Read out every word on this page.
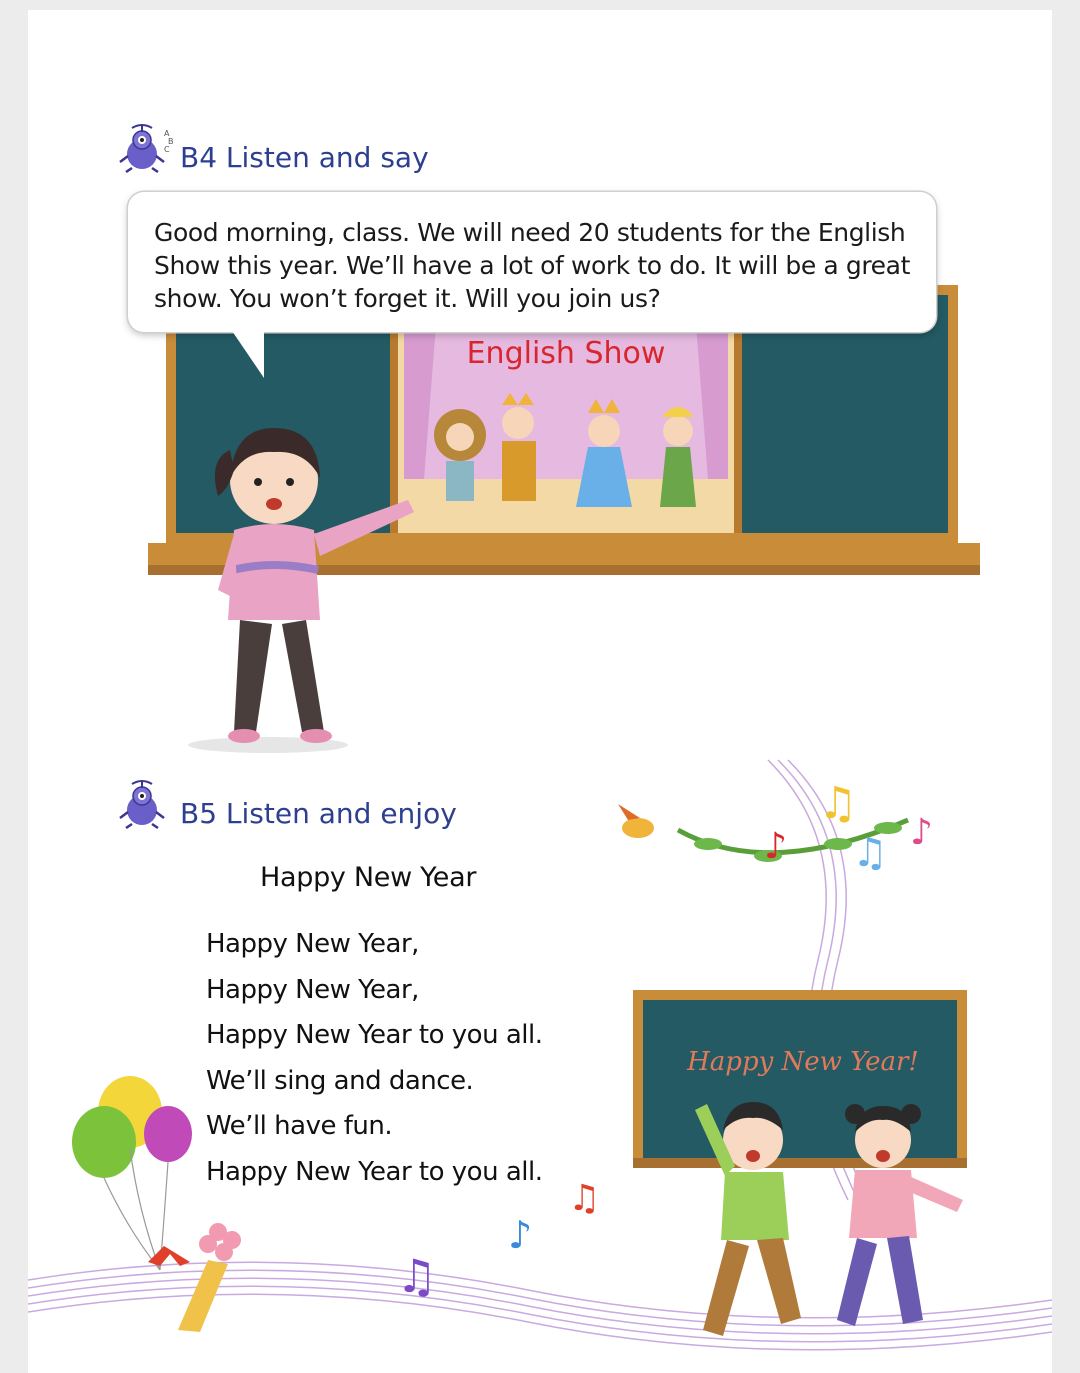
A
B
C B4 Listen and say
English Show
Good morning, class. We will need 20 students for the English Show this year. We’ll have a lot of work to do. It will be a great show. You won’t forget it. Will you join us?
B5 Listen and enjoy
Happy New Year
Happy New Year,
Happy New Year,
Happy New Year to you all.
We’ll sing and dance.
We’ll have fun.
Happy New Year to you all.
♫
♪ ♫ ♪
Happy New Year!
♫
♪
♫
